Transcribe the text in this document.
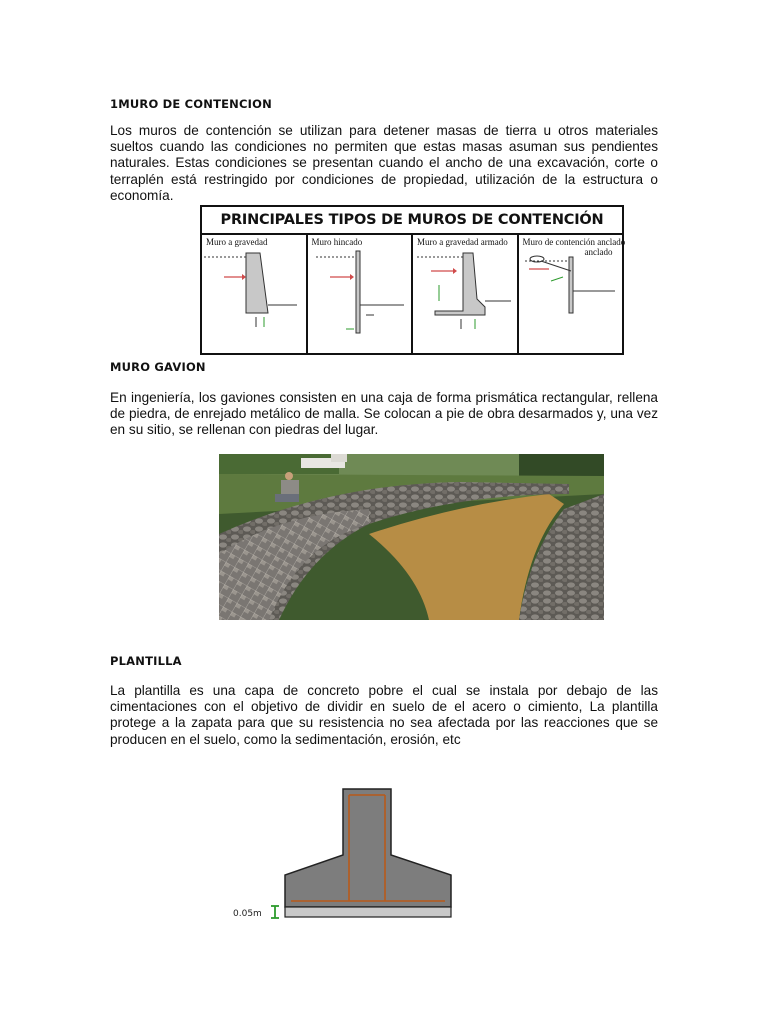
1MURO DE CONTENCION

Los muros de contención se utilizan para detener masas de tierra u otros materiales sueltos cuando las condiciones no permiten que estas masas asuman sus pendientes naturales. Estas condiciones se presentan cuando el ancho de una excavación, corte o terraplén está restringido por condiciones de propiedad, utilización de la estructura o economía.

PRINCIPALES TIPOS DE MUROS DE CONTENCIÓN
Muro a gravedad	Muro hincado	Muro a gravedad armado Muro de contención anclado
anclado
MURO GAVION

En ingeniería, los gaviones consisten en una caja de forma prismática rectangular, rellena de piedra, de enrejado metálico de malla. Se colocan a pie de obra desarmados y, una vez en su sitio, se rellenan con piedras del lugar.

PLANTILLA

La plantilla es una capa de concreto pobre el cual se instala por debajo de las cimentaciones con el objetivo de dividir en suelo de el acero o cimiento, La plantilla protege a la zapata para que su resistencia no sea afectada por las reacciones que se producen en el suelo, como la sedimentación, erosión, etc

0.05m
